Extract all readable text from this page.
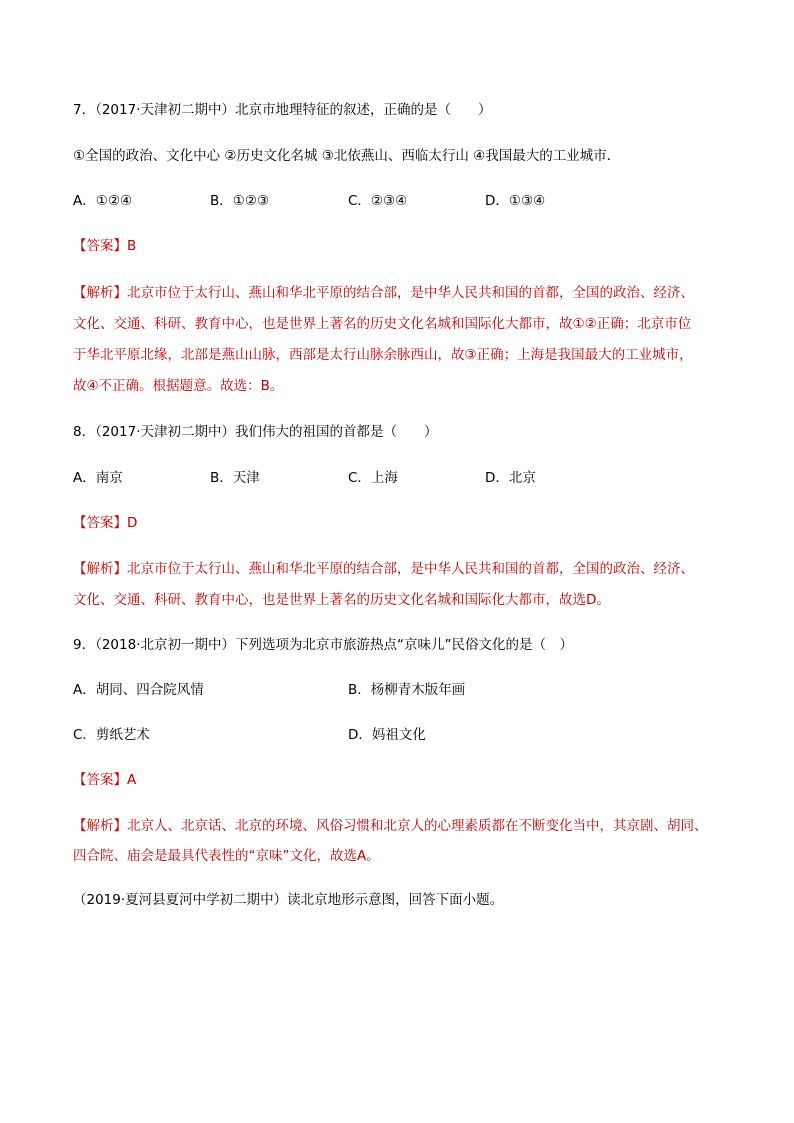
7．（2017·天津初二期中）北京市地理特征的叙述，正确的是（　　）
①全国的政治、文化中心 ②历史文化名城 ③北依燕山、西临太行山 ④我国最大的工业城市．
A．①②④	B．①②③	C．②③④	D．①③④
【答案】B
【解析】北京市位于太行山、燕山和华北平原的结合部，是中华人民共和国的首都，全国的政治、经济、
文化、交通、科研、教育中心，也是世界上著名的历史文化名城和国际化大都市，故①②正确；北京市位
于华北平原北缘，北部是燕山山脉，西部是太行山脉余脉西山，故③正确；上海是我国最大的工业城市，
故④不正确。根据题意。故选：B。
8．（2017·天津初二期中）我们伟大的祖国的首都是（　　）
A．南京	B．天津	C．上海	D．北京
【答案】D
【解析】北京市位于太行山、燕山和华北平原的结合部，是中华人民共和国的首都，全国的政治、经济、
文化、交通、科研、教育中心，也是世界上著名的历史文化名城和国际化大都市，故选D。
9．（2018·北京初一期中）下列选项为北京市旅游热点“京味儿”民俗文化的是（　）
A．胡同、四合院风情	B．杨柳青木版年画
C．剪纸艺术	D．妈祖文化
【答案】A
【解析】北京人、北京话、北京的环境、风俗习惯和北京人的心理素质都在不断变化当中，其京剧、胡同、
四合院、庙会是最具代表性的“京味”文化，故选A。
（2019·夏河县夏河中学初二期中）读北京地形示意图，回答下面小题。
